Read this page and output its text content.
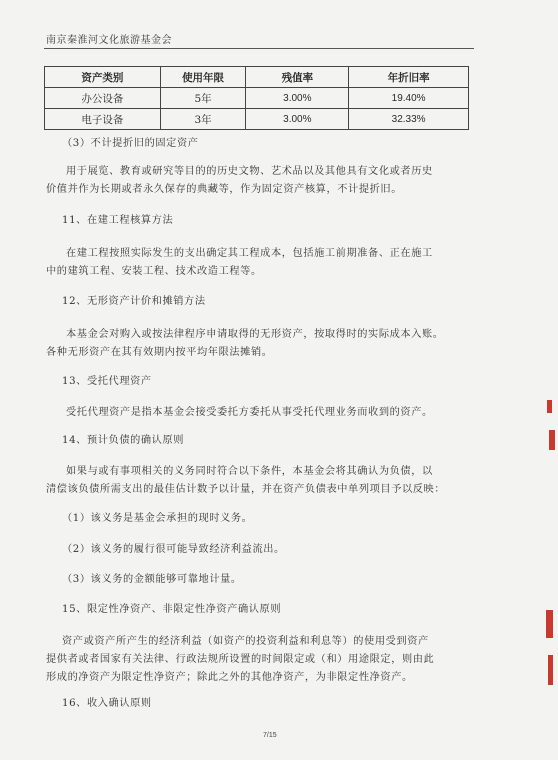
南京秦淮河文化旅游基金会
资产类别	使用年限	残值率	年折旧率
办公设备	5年	3.00%	19.40%
电子设备	3年	3.00%	32.33%

（3）不计提折旧的固定资产

用于展览、教育或研究等目的的历史文物、艺术品以及其他具有文化或者历史

价值并作为长期或者永久保存的典藏等，作为固定资产核算，不计提折旧。

11、在建工程核算方法

在建工程按照实际发生的支出确定其工程成本，包括施工前期准备、正在施工

中的建筑工程、安装工程、技术改造工程等。

12、无形资产计价和摊销方法

本基金会对购入或按法律程序申请取得的无形资产，按取得时的实际成本入账。

各种无形资产在其有效期内按平均年限法摊销。

13、受托代理资产

受托代理资产是指本基金会接受委托方委托从事受托代理业务而收到的资产。

14、预计负债的确认原则

如果与或有事项相关的义务同时符合以下条件，本基金会将其确认为负债，以

清偿该负债所需支出的最佳估计数予以计量，并在资产负债表中单列项目予以反映：

（1）该义务是基金会承担的现时义务。

（2）该义务的履行很可能导致经济利益流出。

（3）该义务的金额能够可靠地计量。

15、限定性净资产、非限定性净资产确认原则

资产或资产所产生的经济利益（如资产的投资利益和利息等）的使用受到资产

提供者或者国家有关法律、行政法规所设置的时间限定或（和）用途限定，则由此

形成的净资产为限定性净资产；除此之外的其他净资产，为非限定性净资产。

16、收入确认原则

7/15
